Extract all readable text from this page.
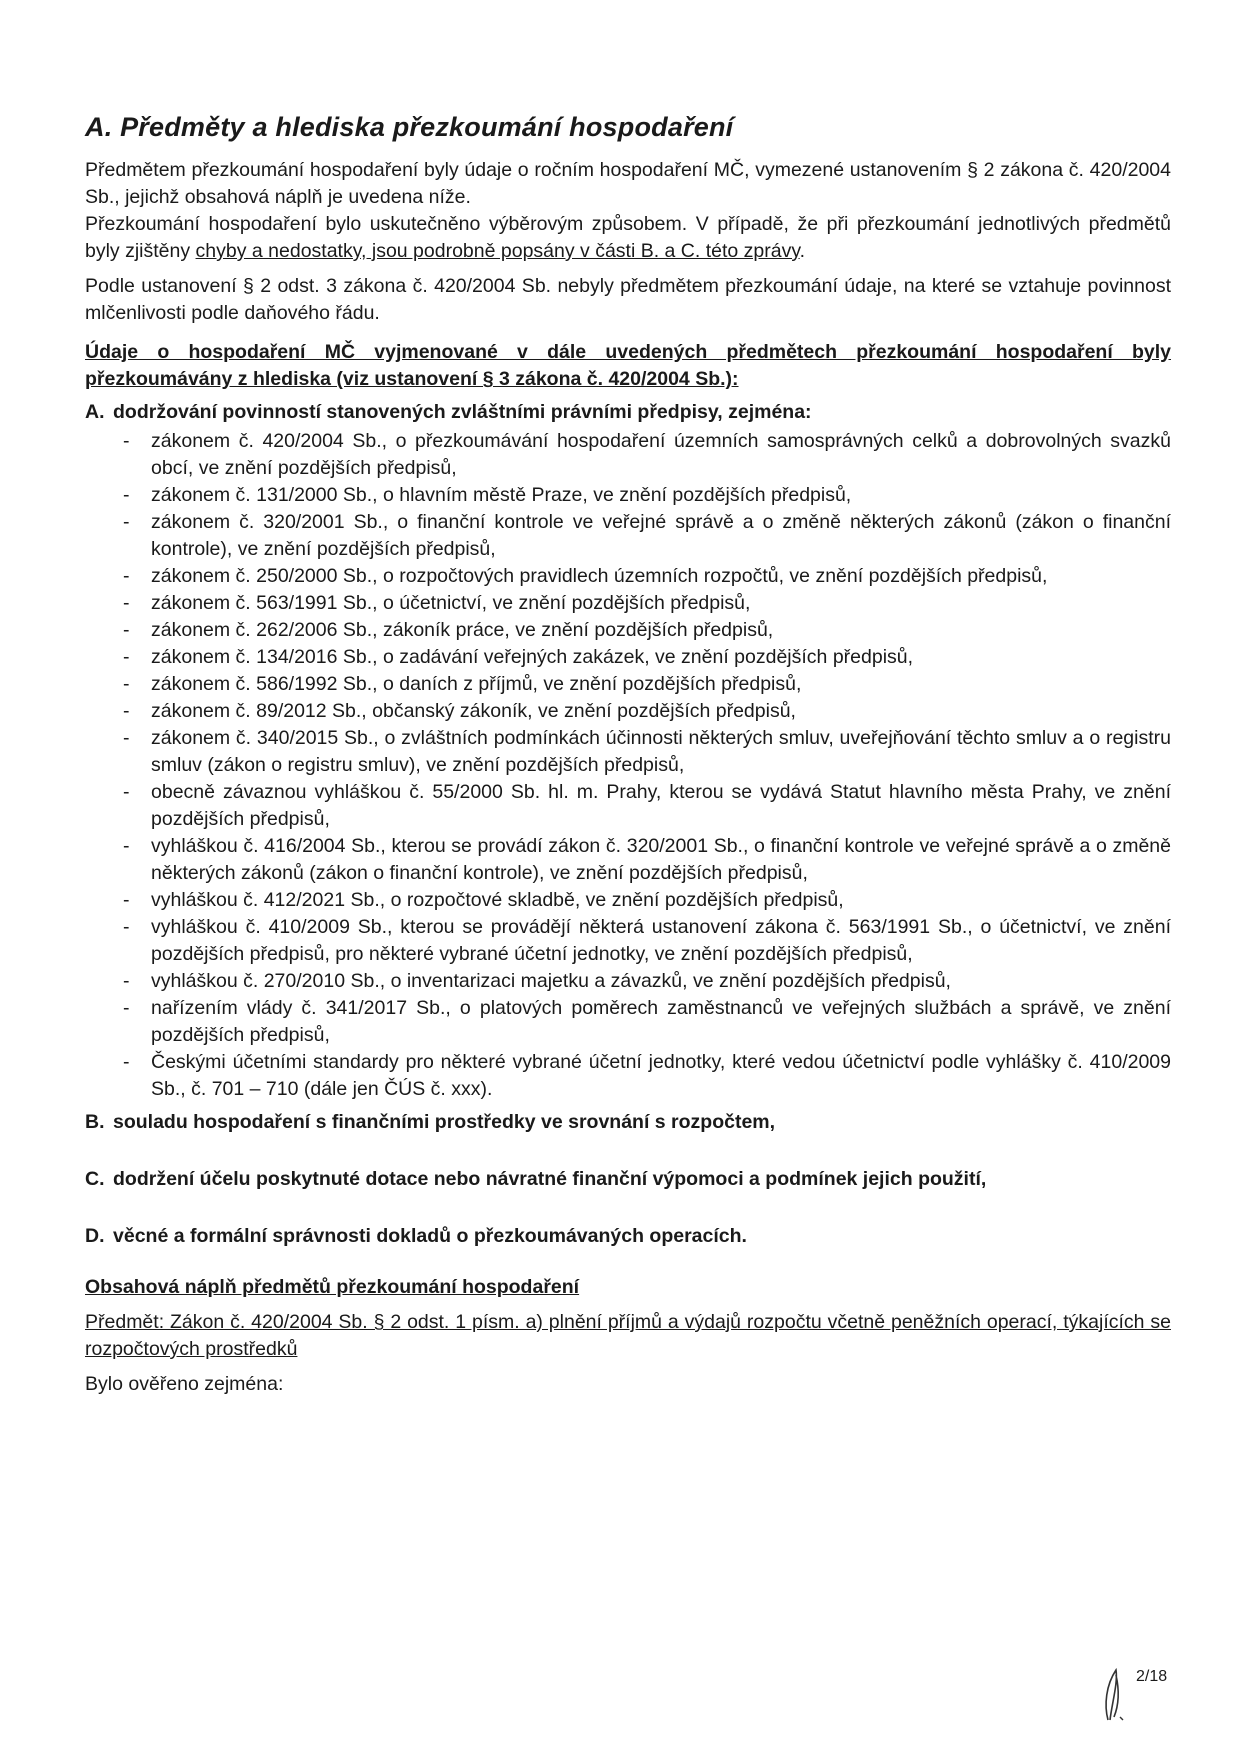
A. Předměty a hlediska přezkoumání hospodaření

Předmětem přezkoumání hospodaření byly údaje o ročním hospodaření MČ, vymezené ustanovením § 2 zákona č. 420/2004 Sb., jejichž obsahová náplň je uvedena níže.

Přezkoumání hospodaření bylo uskutečněno výběrovým způsobem. V případě, že při přezkoumání jednotlivých předmětů byly zjištěny chyby a nedostatky, jsou podrobně popsány v části B. a C. této zprávy.

Podle ustanovení § 2 odst. 3 zákona č. 420/2004 Sb. nebyly předmětem přezkoumání údaje, na které se vztahuje povinnost mlčenlivosti podle daňového řádu.

Údaje o hospodaření MČ vyjmenované v dále uvedených předmětech přezkoumání hospodaření byly přezkoumávány z hlediska (viz ustanovení § 3 zákona č. 420/2004 Sb.):
A. dodržování povinností stanovených zvláštními právními předpisy, zejména:
-	zákonem č. 420/2004 Sb., o přezkoumávání hospodaření územních samosprávných celků a dobrovolných svazků obcí, ve znění pozdějších předpisů,
-	zákonem č. 131/2000 Sb., o hlavním městě Praze, ve znění pozdějších předpisů,
-	zákonem č. 320/2001 Sb., o finanční kontrole ve veřejné správě a o změně některých zákonů (zákon o finanční kontrole), ve znění pozdějších předpisů,
-	zákonem č. 250/2000 Sb., o rozpočtových pravidlech územních rozpočtů, ve znění pozdějších předpisů,
-	zákonem č. 563/1991 Sb., o účetnictví, ve znění pozdějších předpisů,
-	zákonem č. 262/2006 Sb., zákoník práce, ve znění pozdějších předpisů,
-	zákonem č. 134/2016 Sb., o zadávání veřejných zakázek, ve znění pozdějších předpisů,
-	zákonem č. 586/1992 Sb., o daních z příjmů, ve znění pozdějších předpisů,
-	zákonem č. 89/2012 Sb., občanský zákoník, ve znění pozdějších předpisů,
-	zákonem č. 340/2015 Sb., o zvláštních podmínkách účinnosti některých smluv, uveřejňování těchto smluv a o registru smluv (zákon o registru smluv), ve znění pozdějších předpisů,
-	obecně závaznou vyhláškou č. 55/2000 Sb. hl. m. Prahy, kterou se vydává Statut hlavního města Prahy, ve znění pozdějších předpisů,
-	vyhláškou č. 416/2004 Sb., kterou se provádí zákon č. 320/2001 Sb., o finanční kontrole ve veřejné správě a o změně některých zákonů (zákon o finanční kontrole), ve znění pozdějších předpisů,
-	vyhláškou č. 412/2021 Sb., o rozpočtové skladbě, ve znění pozdějších předpisů,
-	vyhláškou č. 410/2009 Sb., kterou se provádějí některá ustanovení zákona č. 563/1991 Sb., o účetnictví, ve znění pozdějších předpisů, pro některé vybrané účetní jednotky, ve znění pozdějších předpisů,
-	vyhláškou č. 270/2010 Sb., o inventarizaci majetku a závazků, ve znění pozdějších předpisů,
-	nařízením vlády č. 341/2017 Sb., o platových poměrech zaměstnanců ve veřejných službách a správě, ve znění pozdějších předpisů,
-	Českými účetními standardy pro některé vybrané účetní jednotky, které vedou účetnictví podle vyhlášky č. 410/2009 Sb., č. 701 – 710 (dále jen ČÚS č. xxx).
B. souladu hospodaření s finančními prostředky ve srovnání s rozpočtem,
C. dodržení účelu poskytnuté dotace nebo návratné finanční výpomoci a podmínek jejich použití,
D. věcné a formální správnosti dokladů o přezkoumávaných operacích.
Obsahová náplň předmětů přezkoumání hospodaření

Předmět: Zákon č. 420/2004 Sb. § 2 odst. 1 písm. a) plnění příjmů a výdajů rozpočtu včetně peněžních operací, týkajících se rozpočtových prostředků

Bylo ověřeno zejména:

2/18
